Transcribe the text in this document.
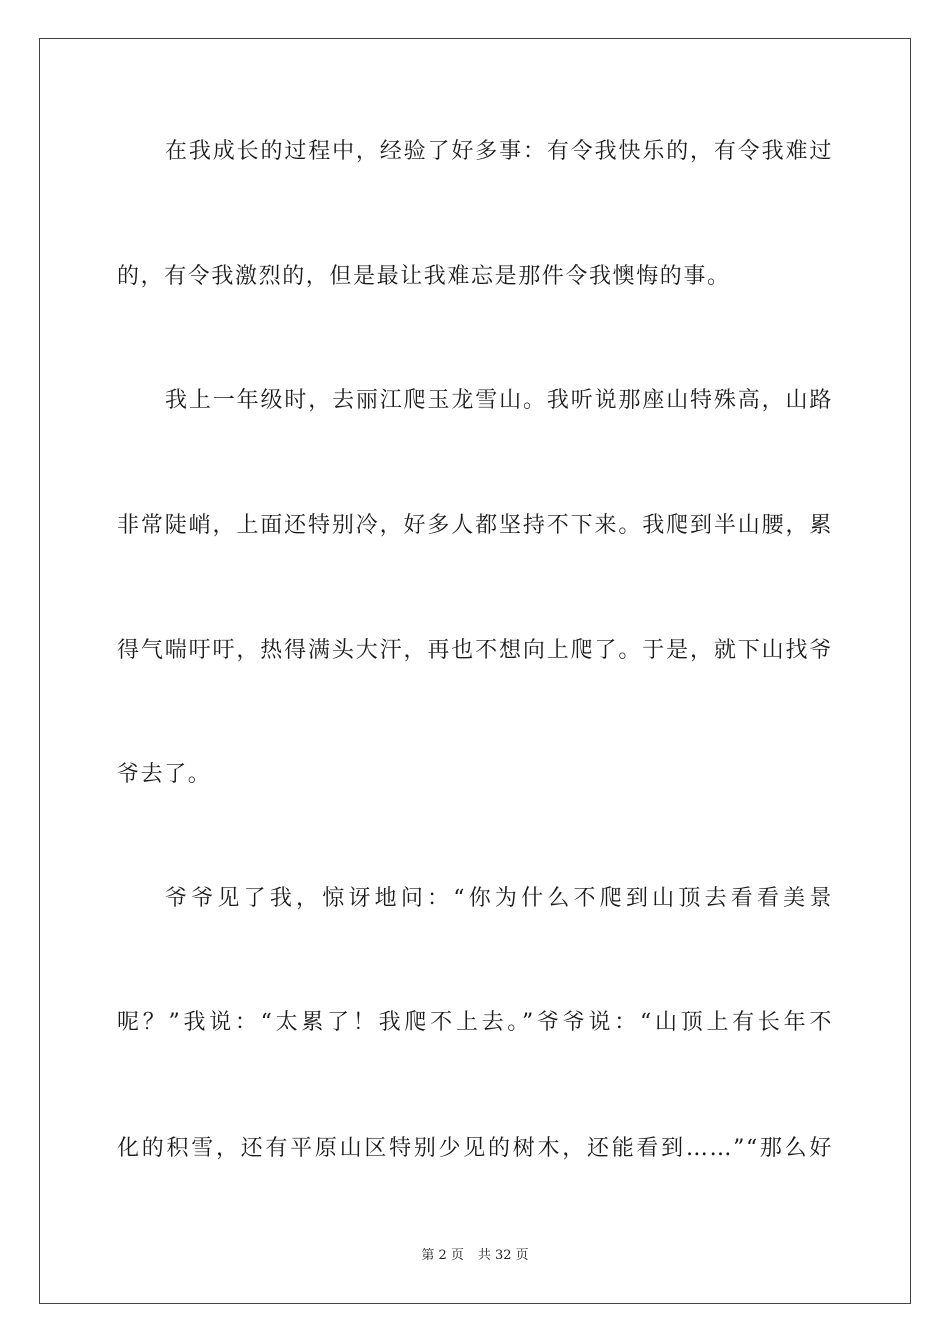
在我成长的过程中，经验了好多事：有令我快乐的，有令我难过
的，有令我激烈的，但是最让我难忘是那件令我懊悔的事。
我上一年级时，去丽江爬玉龙雪山。我听说那座山特殊高，山路
非常陡峭，上面还特别冷，好多人都坚持不下来。我爬到半山腰，累
得气喘吁吁，热得满头大汗，再也不想向上爬了。于是，就下山找爷
爷去了。
爷爷见了我，惊讶地问：“你为什么不爬到山顶去看看美景
呢？”我说：“太累了！我爬不上去。”爷爷说：“山顶上有长年不
化的积雪，还有平原山区特别少见的树木，还能看到……”“那么好
第 2 页 共 32 页
